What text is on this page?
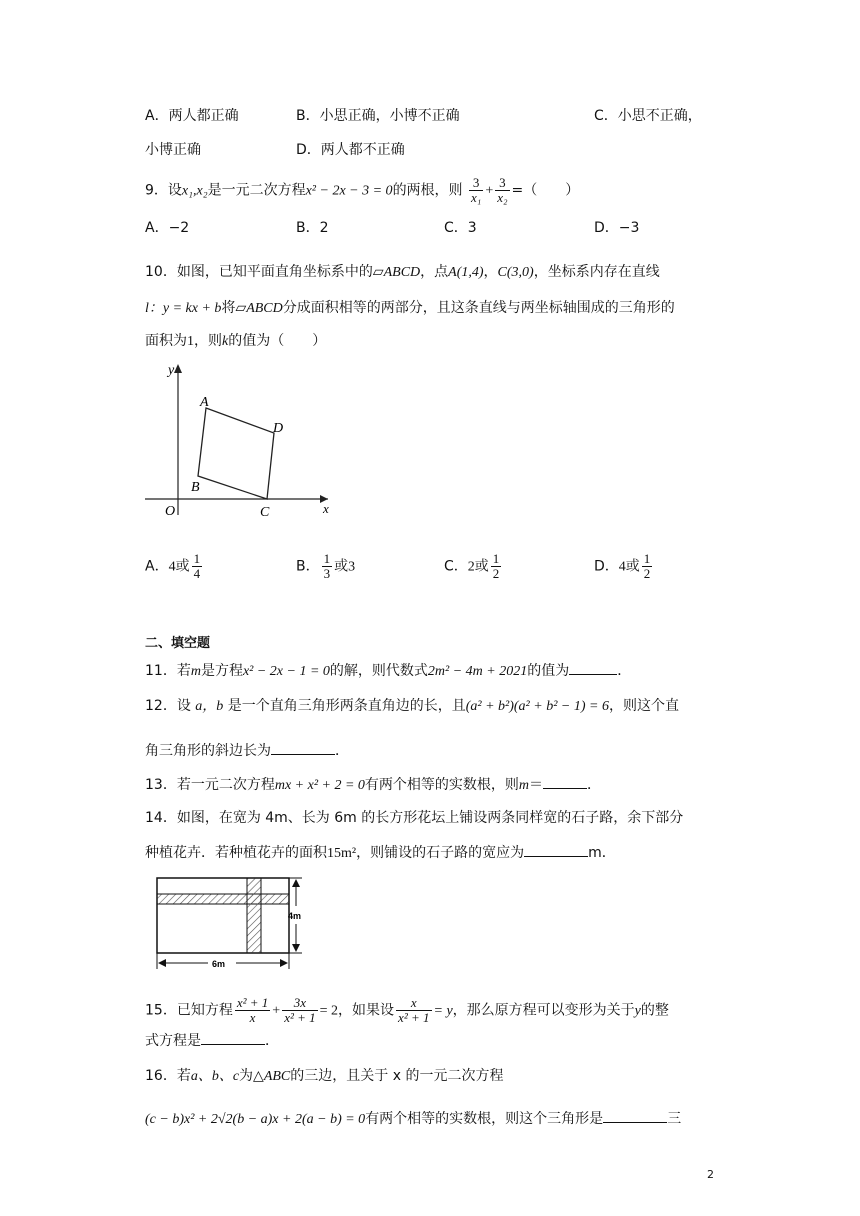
A．两人都正确	B．小思正确，小博不正确	C．小思不正确，
小博正确	D．两人都不正确
9．设x₁,x₂是一元二次方程x² − 2x − 3 = 0的两根，则 $\frac{3}{\text{x₁}} + \frac{3}{\text{x₂}}$ =（　　）
A．−2	B．2	C．3	D．−3
10．如图，已知平面直角坐标系中的▱ABCD，点A(1,4)，C(3,0)，坐标系内存在直线
l：y = kx + b将▱ABCD分成面积相等的两部分，且这条直线与两坐标轴围成的三角形的
面积为1，则k的值为（　　）
y
A
D
B
C
O	x
A．4或 $\frac{1}{4}$	B． $\frac{1}{3}$ 或3	C．2或 $\frac{1}{2}$	D．4或 $\frac{1}{2}$
二、填空题
11．若m是方程x² − 2x − 1 = 0的解，则代数式2m² − 4m + 2021的值为	．
12．设 a，b 是一个直角三角形两条直角边的长，且(a² + b²)(a² + b² − 1) = 6，则这个直
角三角形的斜边长为	．
13．若一元二次方程mx + x² + 2 = 0有两个相等的实数根，则m＝	．
14．如图，在宽为 4m、长为 6m 的长方形花坛上铺设两条同样宽的石子路，余下部分
种植花卉．若种植花卉的面积15m²，则铺设的石子路的宽应为	m．
4m
6m
15．已知方程 $\frac{\text{x² + 1}}{x} + \frac{3x}{\text{x² + 1}} = 2$，如果设 $\frac{x}{\text{x² + 1}} = y$，那么原方程可以变形为关于y的整
式方程是	．
16．若a、b、c为△ABC的三边，且关于 x 的一元二次方程
(c − b)x² + 2√2(b − a)x + 2(a − b) = 0有两个相等的实数根，则这个三角形是	三
2
